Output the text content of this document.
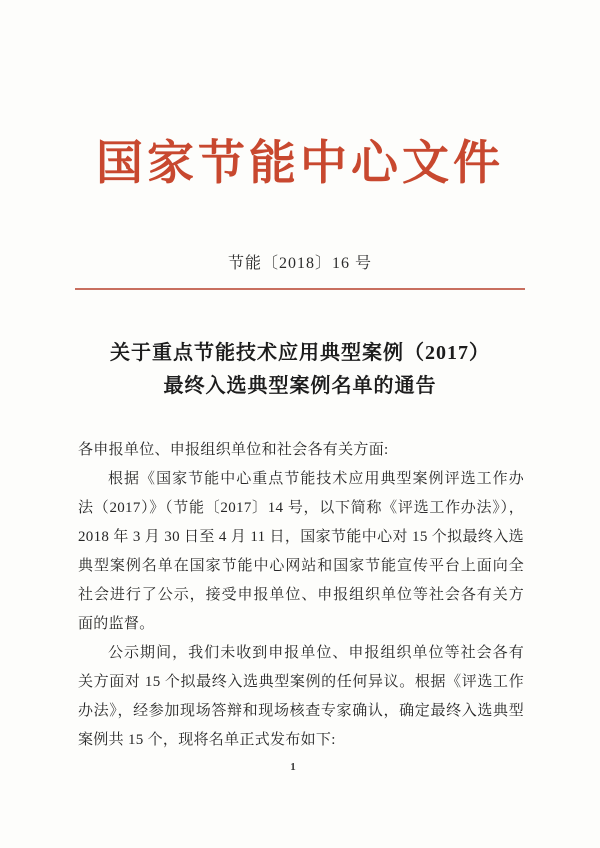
国家节能中心文件
节能〔2018〕16 号
关于重点节能技术应用典型案例（2017）
最终入选典型案例名单的通告
各申报单位、申报组织单位和社会各有关方面:
根据《国家节能中心重点节能技术应用典型案例评选工作办
法（2017）》（节能〔2017〕14 号，以下简称《评选工作办法》），
2018 年 3 月 30 日至 4 月 11 日，国家节能中心对 15 个拟最终入选
典型案例名单在国家节能中心网站和国家节能宣传平台上面向全
社会进行了公示，接受申报单位、申报组织单位等社会各有关方
面的监督。
公示期间，我们未收到申报单位、申报组织单位等社会各有
关方面对 15 个拟最终入选典型案例的任何异议。根据《评选工作
办法》，经参加现场答辩和现场核查专家确认，确定最终入选典型
案例共 15 个，现将名单正式发布如下:
1
